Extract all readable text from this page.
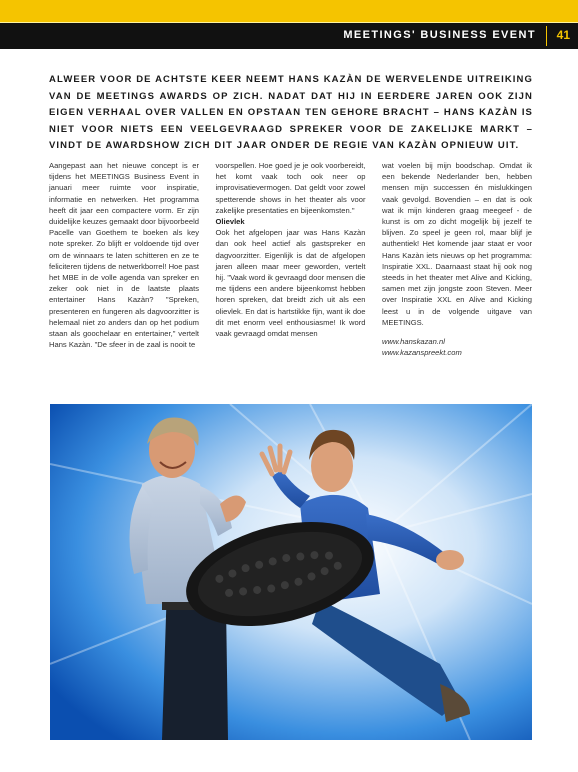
MEETINGS' BUSINESS EVENT 41
ALWEER VOOR DE ACHTSTE KEER NEEMT HANS KAZÀN DE WERVELENDE UITREIKING VAN DE MEETINGS AWARDS OP ZICH. NADAT DAT HIJ IN EERDERE JAREN OOK ZIJN EIGEN VERHAAL OVER VALLEN EN OPSTAAN TEN GEHORE BRACHT – HANS KAZÀN IS NIET VOOR NIETS EEN VEELGEVRAAGD SPREKER VOOR DE ZAKELIJKE MARKT – VINDT DE AWARDSHOW ZICH DIT JAAR ONDER DE REGIE VAN KAZÀN OPNIEUW UIT.

Aangepast aan het nieuwe concept is er tijdens het MEETINGS Business Event in januari meer ruimte voor inspiratie, informatie en netwerken. Het programma heeft dit jaar een compactere vorm. Er zijn duidelijke keuzes gemaakt door bijvoorbeeld Pacelle van Goethem te boeken als key note spreker. Zo blijft er voldoende tijd over om de winnaars te laten schitteren en ze te feliciteren tijdens de netwerkborrel! Hoe past het MBE in de volle agenda van spreker en zeker ook niet in de laatste plaats entertainer Hans Kazàn? "Spreken, presenteren en fungeren als dagvoorzitter is helemaal niet zo anders dan op het podium staan als goochelaar en entertainer," vertelt Hans Kazàn. "De sfeer in de zaal is nooit te

voorspellen. Hoe goed je je ook voorbereidt, het komt vaak toch ook neer op improvisatievermogen. Dat geldt voor zowel spetterende shows in het theater als voor zakelijke presentaties en bijeenkomsten."

Olievlek

Ook het afgelopen jaar was Hans Kazàn dan ook heel actief als gastspreker en dagvoorzitter. Eigenlijk is dat de afgelopen jaren alleen maar meer geworden, vertelt hij. "Vaak word ik gevraagd door mensen die me tijdens een andere bijeenkomst hebben horen spreken, dat breidt zich uit als een olievlek. En dat is hartstikke fijn, want ik doe dit met enorm veel enthousiasme! Ik word vaak gevraagd omdat mensen

wat voelen bij mijn boodschap. Omdat ik een bekende Nederlander ben, hebben mensen mijn successen én mislukkingen vaak gevolgd. Bovendien – en dat is ook wat ik mijn kinderen graag meegeef - de kunst is om zo dicht mogelijk bij jezelf te blijven. Zo speel je geen rol, maar blijf je authentiek! Het komende jaar staat er voor Hans Kazàn iets nieuws op het programma: Inspiratie XXL. Daarnaast staat hij ook nog steeds in het theater met Alive and Kicking, samen met zijn jongste zoon Steven. Meer over Inspiratie XXL en Alive and Kicking leest u in de volgende uitgave van MEETINGS.

www.hanskazan.nl
www.kazanspreekt.com
